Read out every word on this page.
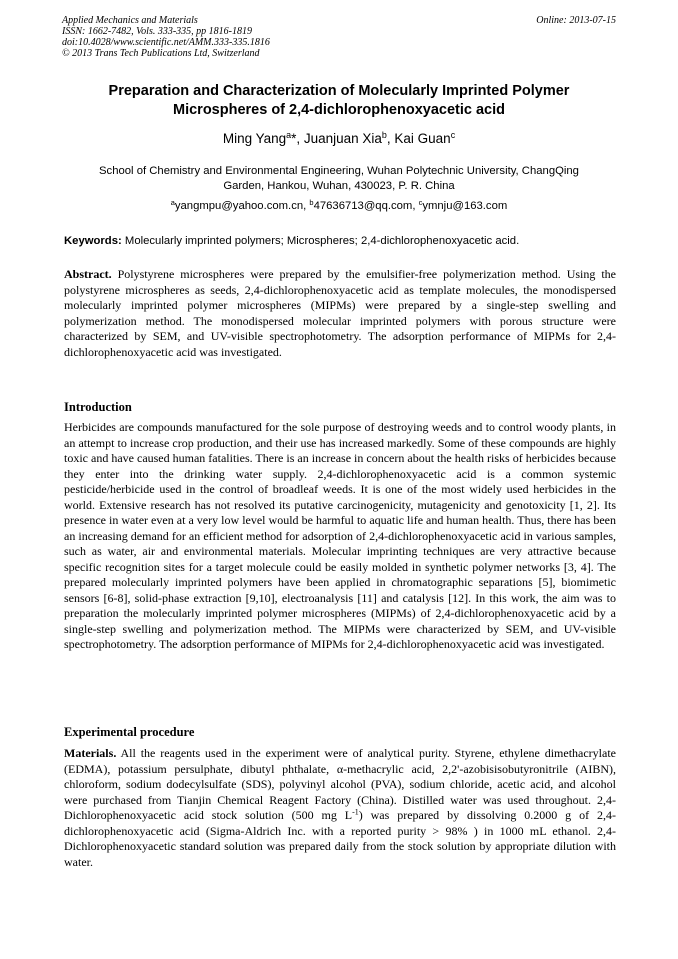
Applied Mechanics and Materials
ISSN: 1662-7482, Vols. 333-335, pp 1816-1819
doi:10.4028/www.scientific.net/AMM.333-335.1816
© 2013 Trans Tech Publications Ltd, Switzerland
Online: 2013-07-15
Preparation and Characterization of Molecularly Imprinted Polymer
Microspheres of 2,4-dichlorophenoxyacetic acid
Ming Yang$^a$*, Juanjuan Xia$^b$, Kai Guan$^c$
School of Chemistry and Environmental Engineering, Wuhan Polytechnic University, ChangQing
Garden, Hankou, Wuhan, 430023, P. R. China
$^a$yangmpu@yahoo.com.cn, $^b$47636713@qq.com, $^c$ymnju@163.com
Keywords: Molecularly imprinted polymers; Microspheres; 2,4-dichlorophenoxyacetic acid.
Abstract. Polystyrene microspheres were prepared by the emulsifier-free polymerization method. Using the polystyrene microspheres as seeds, 2,4-dichlorophenoxyacetic acid as template molecules, the monodispersed molecularly imprinted polymer microspheres (MIPMs) were prepared by a single-step swelling and polymerization method. The monodispersed molecular imprinted polymers with porous structure were characterized by SEM, and UV-visible spectrophotometry. The adsorption performance of MIPMs for 2,4-dichlorophenoxyacetic acid was investigated.
Introduction
Herbicides are compounds manufactured for the sole purpose of destroying weeds and to control woody plants, in an attempt to increase crop production, and their use has increased markedly. Some of these compounds are highly toxic and have caused human fatalities. There is an increase in concern about the health risks of herbicides because they enter into the drinking water supply. 2,4-dichlorophenoxyacetic acid is a common systemic pesticide/herbicide used in the control of broadleaf weeds. It is one of the most widely used herbicides in the world. Extensive research has not resolved its putative carcinogenicity, mutagenicity and genotoxicity [1, 2]. Its presence in water even at a very low level would be harmful to aquatic life and human health. Thus, there has been an increasing demand for an efficient method for adsorption of 2,4-dichlorophenoxyacetic acid in various samples, such as water, air and environmental materials. Molecular imprinting techniques are very attractive because specific recognition sites for a target molecule could be easily molded in synthetic polymer networks [3, 4]. The prepared molecularly imprinted polymers have been applied in chromatographic separations [5], biomimetic sensors [6-8], solid-phase extraction [9,10], electroanalysis [11] and catalysis [12]. In this work, the aim was to preparation the molecularly imprinted polymer microspheres (MIPMs) of 2,4-dichlorophenoxyacetic acid by a single-step swelling and polymerization method. The MIPMs were characterized by SEM, and UV-visible spectrophotometry. The adsorption performance of MIPMs for 2,4-dichlorophenoxyacetic acid was investigated.
Experimental procedure
Materials. All the reagents used in the experiment were of analytical purity. Styrene, ethylene dimethacrylate (EDMA), potassium persulphate, dibutyl phthalate, α-methacrylic acid, 2,2'-azobisisobutyronitrile (AIBN), chloroform, sodium dodecylsulfate (SDS), polyvinyl alcohol (PVA), sodium chloride, acetic acid, and alcohol were purchased from Tianjin Chemical Reagent Factory (China). Distilled water was used throughout. 2,4-Dichlorophenoxyacetic acid stock solution (500 mg $L^{-1}$) was prepared by dissolving 0.2000 g of 2,4-dichlorophenoxyacetic acid (Sigma-Aldrich Inc. with a reported purity > 98% ) in 1000 mL ethanol. 2,4-Dichlorophenoxyacetic standard solution was prepared daily from the stock solution by appropriate dilution with water.
